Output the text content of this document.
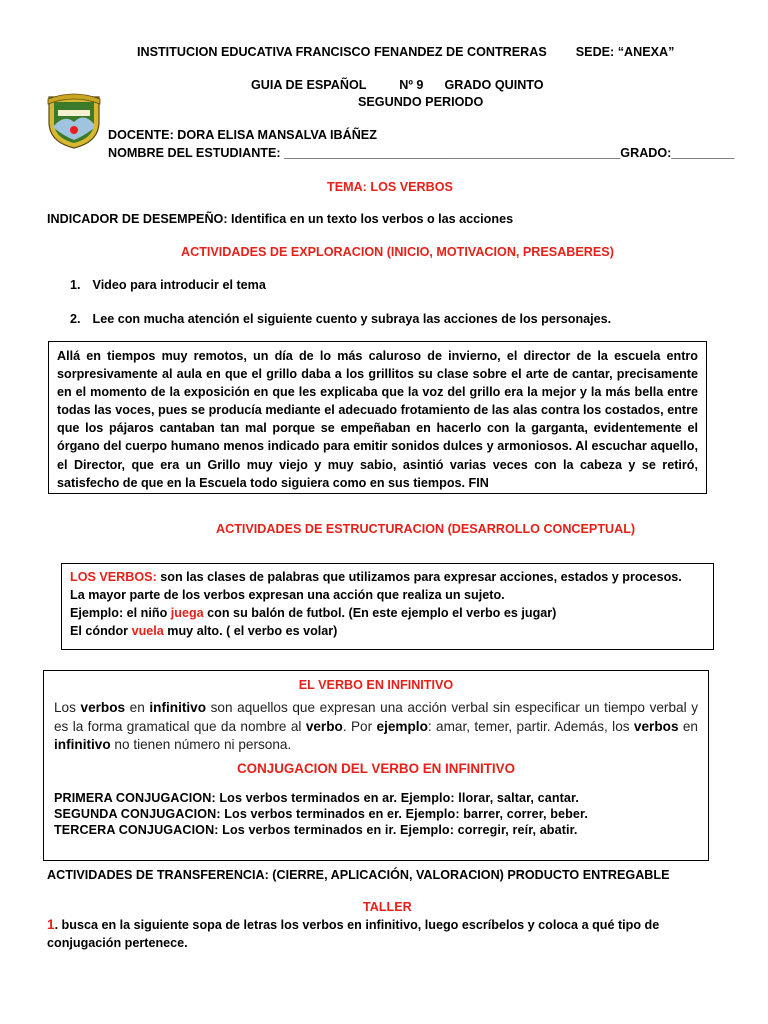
INSTITUCION EDUCATIVA FRANCISCO FENANDEZ DE CONTRERAS SEDE: “ANEXA”
GUIA DE ESPAÑOL	Nº 9 GRADO QUINTO
SEGUNDO PERIODO
DOCENTE: DORA ELISA MANSALVA IBÁÑEZ
NOMBRE DEL ESTUDIANTE: ________________________________________________GRADO:_________
TEMA: LOS VERBOS
INDICADOR DE DESEMPEÑO: Identifica en un texto los verbos o las acciones
ACTIVIDADES DE EXPLORACION (INICIO, MOTIVACION, PRESABERES)
1. Video para introducir el tema
2. Lee con mucha atención el siguiente cuento y subraya las acciones de los personajes.

Allá en tiempos muy remotos, un día de lo más caluroso de invierno, el director de la escuela entro sorpresivamente al aula en que el grillo daba a los grillitos su clase sobre el arte de cantar, precisamente en el momento de la exposición en que les explicaba que la voz del grillo era la mejor y la más bella entre todas las voces, pues se producía mediante el adecuado frotamiento de las alas contra los costados, entre que los pájaros cantaban tan mal porque se empeñaban en hacerlo con la garganta, evidentemente el órgano del cuerpo humano menos indicado para emitir sonidos dulces y armoniosos. Al escuchar aquello, el Director, que era un Grillo muy viejo y muy sabio, asintió varias veces con la cabeza y se retiró, satisfecho de que en la Escuela todo siguiera como en sus tiempos. FIN

ACTIVIDADES DE ESTRUCTURACION (DESARROLLO CONCEPTUAL)
LOS VERBOS: son las clases de palabras que utilizamos para expresar acciones, estados y procesos.
La mayor parte de los verbos expresan una acción que realiza un sujeto.
Ejemplo: el niño juega con su balón de futbol. (En este ejemplo el verbo es jugar)
El cóndor vuela muy alto. ( el verbo es volar)
EL VERBO EN INFINITIVO
Los verbos en infinitivo son aquellos que expresan una acción verbal sin especificar un tiempo verbal y es la forma gramatical que da nombre al verbo. Por ejemplo: amar, temer, partir. Además, los verbos en infinitivo no tienen número ni persona.
CONJUGACION DEL VERBO EN INFINITIVO
PRIMERA CONJUGACION: Los verbos terminados en ar. Ejemplo: llorar, saltar, cantar.
SEGUNDA CONJUGACION: Los verbos terminados en er. Ejemplo: barrer, correr, beber.
TERCERA CONJUGACION: Los verbos terminados en ir. Ejemplo: corregir, reír, abatir.
ACTIVIDADES DE TRANSFERENCIA: (CIERRE, APLICACIÓN, VALORACION) PRODUCTO ENTREGABLE
TALLER
1. busca en la siguiente sopa de letras los verbos en infinitivo, luego escríbelos y coloca a qué tipo de conjugación pertenece.
